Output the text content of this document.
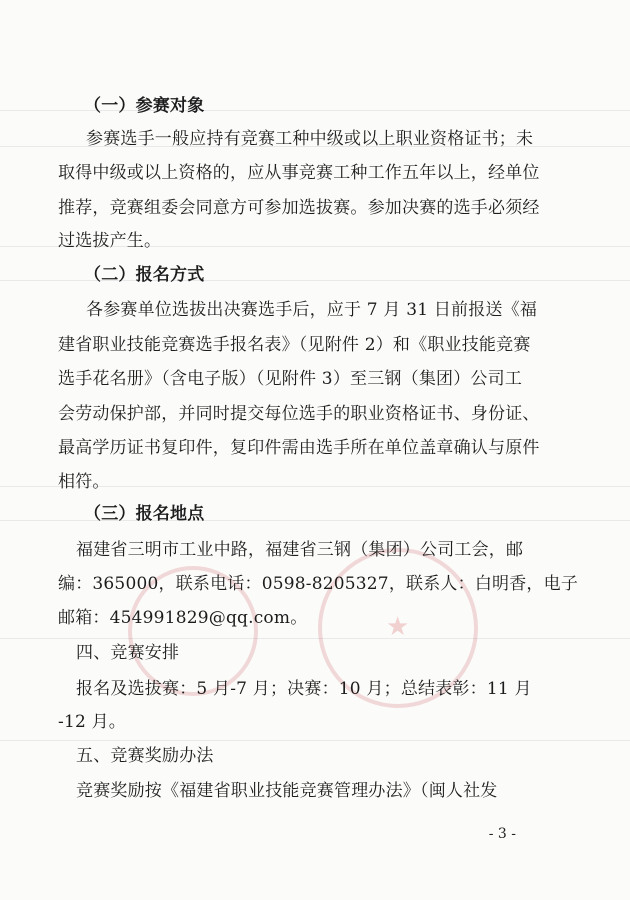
★
（一）参赛对象
参赛选手一般应持有竞赛工种中级或以上职业资格证书；未
取得中级或以上资格的，应从事竞赛工种工作五年以上，经单位
推荐，竞赛组委会同意方可参加选拔赛。参加决赛的选手必须经
过选拔产生。
（二）报名方式
各参赛单位选拔出决赛选手后，应于 7 月 31 日前报送《福
建省职业技能竞赛选手报名表》（见附件 2）和《职业技能竞赛
选手花名册》（含电子版）（见附件 3）至三钢（集团）公司工
会劳动保护部，并同时提交每位选手的职业资格证书、身份证、
最高学历证书复印件，复印件需由选手所在单位盖章确认与原件
相符。
（三）报名地点
福建省三明市工业中路，福建省三钢（集团）公司工会，邮
编：365000，联系电话：0598-8205327，联系人：白明香，电子
邮箱：454991829@qq.com。
四、竞赛安排
报名及选拔赛：5 月-7 月；决赛：10 月；总结表彰：11 月
-12 月。
五、竞赛奖励办法
竞赛奖励按《福建省职业技能竞赛管理办法》（闽人社发
- 3 -
